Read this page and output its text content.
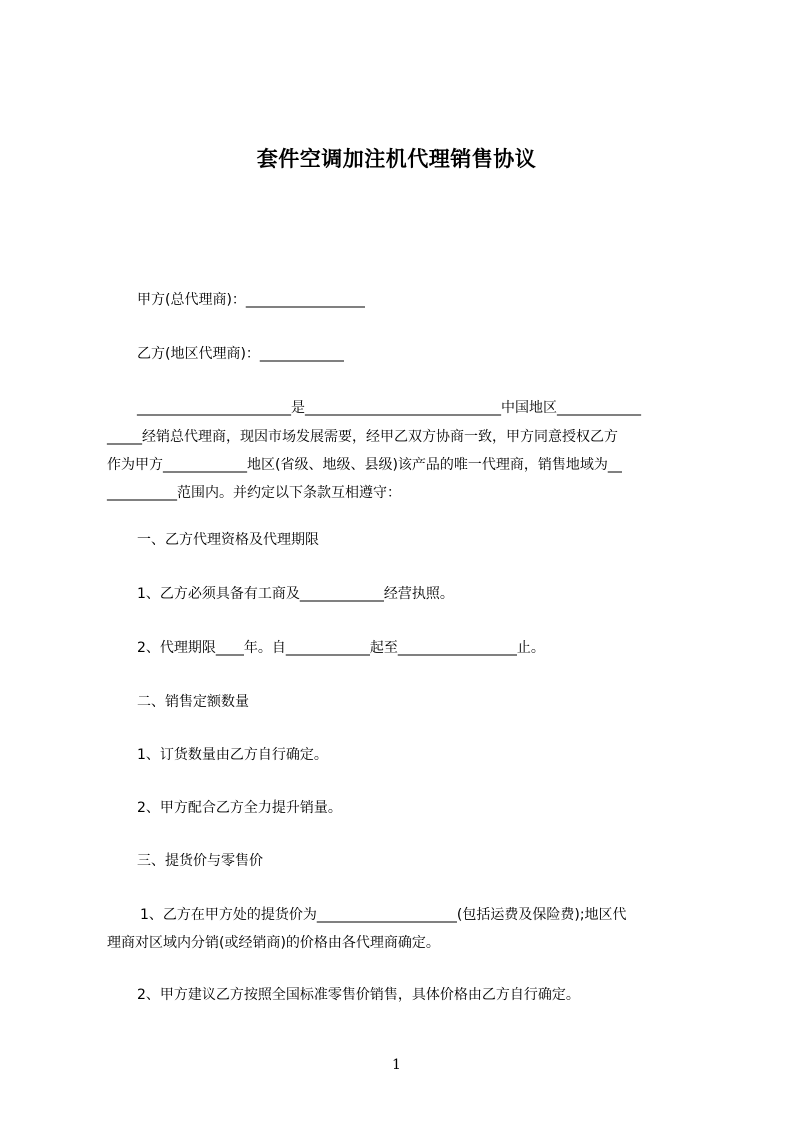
套件空调加注机代理销售协议
甲方(总代理商)：_________________
乙方(地区代理商)：____________
______________________是____________________________中国地区____________
_____经销总代理商，现因市场发展需要，经甲乙双方协商一致，甲方同意授权乙方
作为甲方____________地区(省级、地级、县级)该产品的唯一代理商，销售地域为__
__________范围内。并约定以下条款互相遵守：
一、乙方代理资格及代理期限
1、乙方必须具备有工商及____________经营执照。
2、代理期限____年。自____________起至_________________止。
二、销售定额数量
1、订货数量由乙方自行确定。
2、甲方配合乙方全力提升销量。
三、提货价与零售价
1、乙方在甲方处的提货价为____________________(包括运费及保险费);地区代
理商对区域内分销(或经销商)的价格由各代理商确定。
2、甲方建议乙方按照全国标准零售价销售，具体价格由乙方自行确定。
1
